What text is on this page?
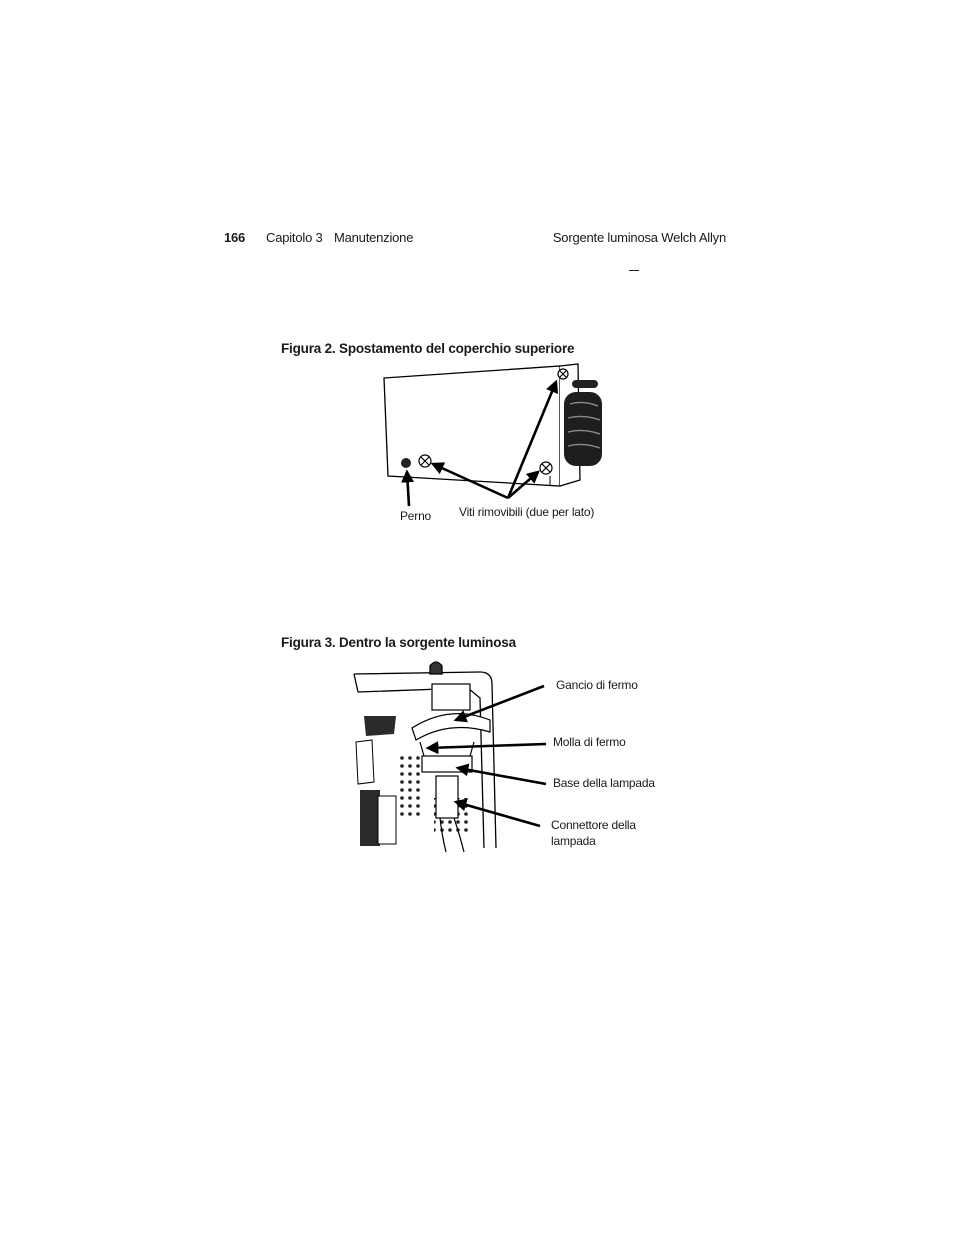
166 Capitolo 3 Manutenzione	Sorgente luminosa Welch Allyn
Figura 2. Spostamento del coperchio superiore
Perno Viti rimovibili (due per lato)
Figura 3. Dentro la sorgente luminosa
Gancio di fermo
Molla di fermo
Base della lampada
Connettore della lampada
